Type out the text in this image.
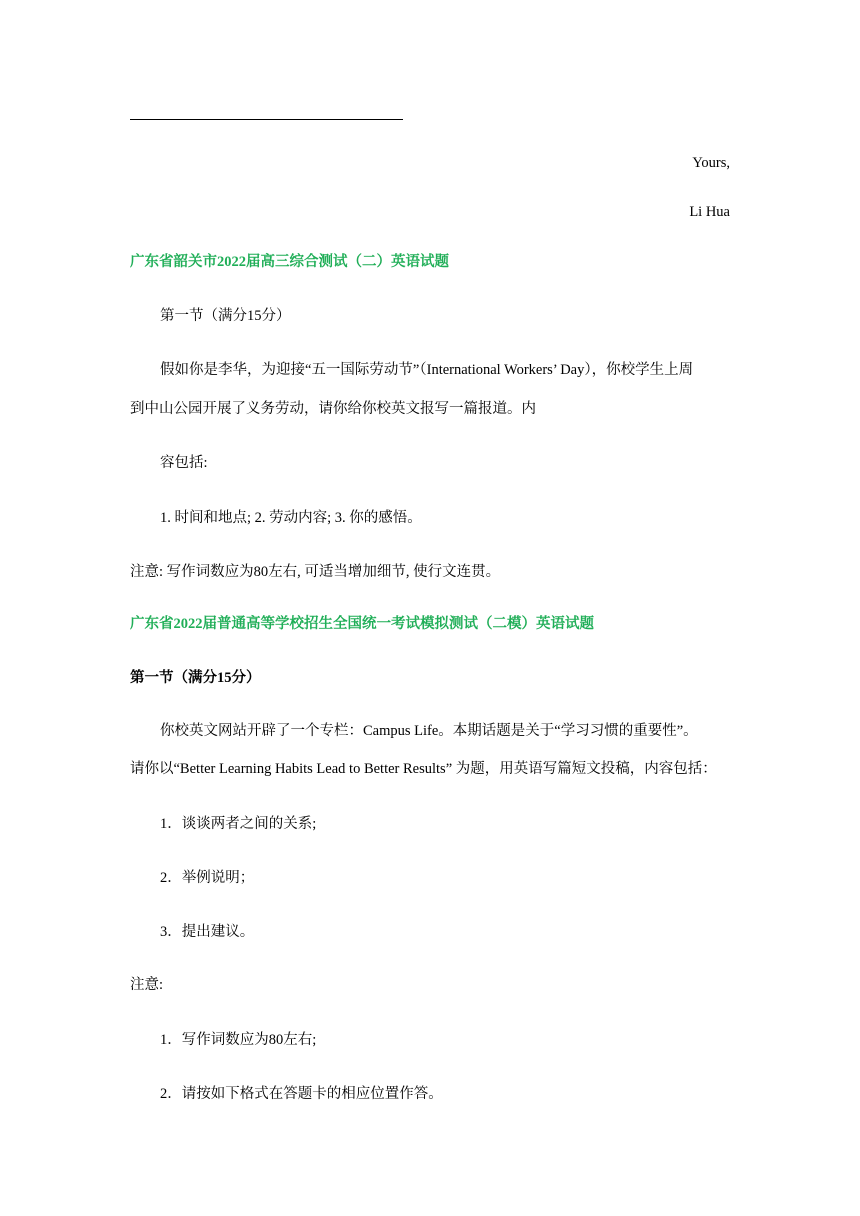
Yours,
Li Hua
广东省韶关市2022届高三综合测试（二）英语试题
第一节（满分15分）
假如你是李华，为迎接“五一国际劳动节”（International Workers’ Day），你校学生上周
到中山公园开展了义务劳动，请你给你校英文报写一篇报道。内
容包括:
1. 时间和地点; 2. 劳动内容; 3. 你的感悟。
注意: 写作词数应为80左右, 可适当增加细节, 使行文连贯。
广东省2022届普通高等学校招生全国统一考试模拟测试（二模）英语试题
第一节（满分15分）
你校英文网站开辟了一个专栏：Campus Life。本期话题是关于“学习习惯的重要性”。
请你以“Better Learning Habits Lead to Better Results” 为题，用英语写篇短文投稿，内容包括：
1．谈谈两者之间的关系;
2．举例说明；
3．提出建议。
注意:
1．写作词数应为80左右;
2．请按如下格式在答题卡的相应位置作答。
